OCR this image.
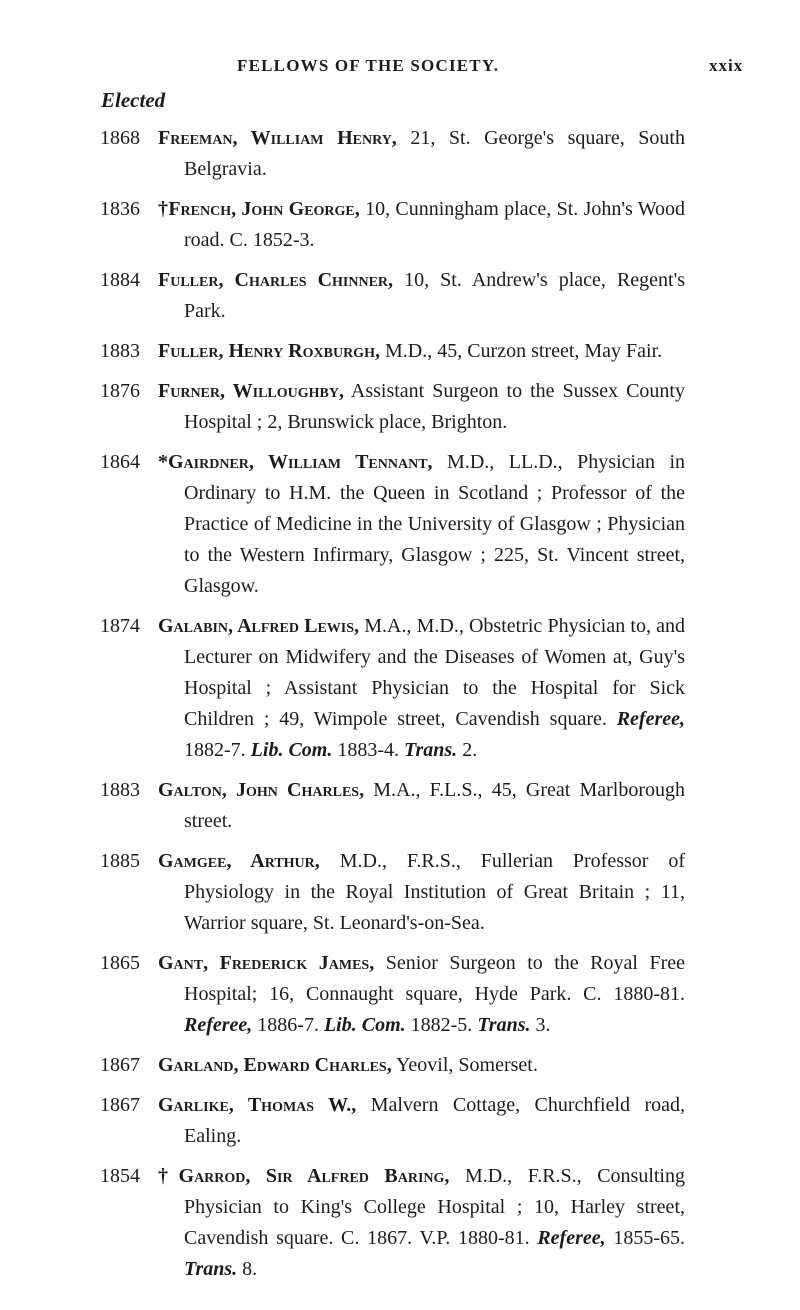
FELLOWS OF THE SOCIETY.	xxix
Elected
1868 Freeman, William Henry, 21, St. George's square, South Belgravia.
1836 †French, John George, 10, Cunningham place, St. John's Wood road. C. 1852-3.
1884 Fuller, Charles Chinner, 10, St. Andrew's place, Regent's Park.
1883 Fuller, Henry Roxburgh, M.D., 45, Curzon street, May Fair.
1876 Furner, Willoughby, Assistant Surgeon to the Sussex County Hospital ; 2, Brunswick place, Brighton.
1864 *Gairdner, William Tennant, M.D., LL.D., Physician in Ordinary to H.M. the Queen in Scotland ; Professor of the Practice of Medicine in the University of Glasgow ; Physician to the Western Infirmary, Glasgow ; 225, St. Vincent street, Glasgow.
1874 Galabin, Alfred Lewis, M.A., M.D., Obstetric Physician to, and Lecturer on Midwifery and the Diseases of Women at, Guy's Hospital ; Assistant Physician to the Hospital for Sick Children ; 49, Wimpole street, Cavendish square. Referee, 1882-7. Lib. Com. 1883-4. Trans. 2.
1883 Galton, John Charles, M.A., F.L.S., 45, Great Marlborough street.
1885 Gamgee, Arthur, M.D., F.R.S., Fullerian Professor of Physiology in the Royal Institution of Great Britain ; 11, Warrior square, St. Leonard's-on-Sea.
1865 Gant, Frederick James, Senior Surgeon to the Royal Free Hospital; 16, Connaught square, Hyde Park. C. 1880-81. Referee, 1886-7. Lib. Com. 1882-5. Trans. 3.
1867 Garland, Edward Charles, Yeovil, Somerset.
1867 Garlike, Thomas W., Malvern Cottage, Churchfield road, Ealing.
1854 †Garrod, Sir Alfred Baring, M.D., F.R.S., Consulting Physician to King's College Hospital ; 10, Harley street, Cavendish square. C. 1867. V.P. 1880-81. Referee, 1855-65. Trans. 8.
